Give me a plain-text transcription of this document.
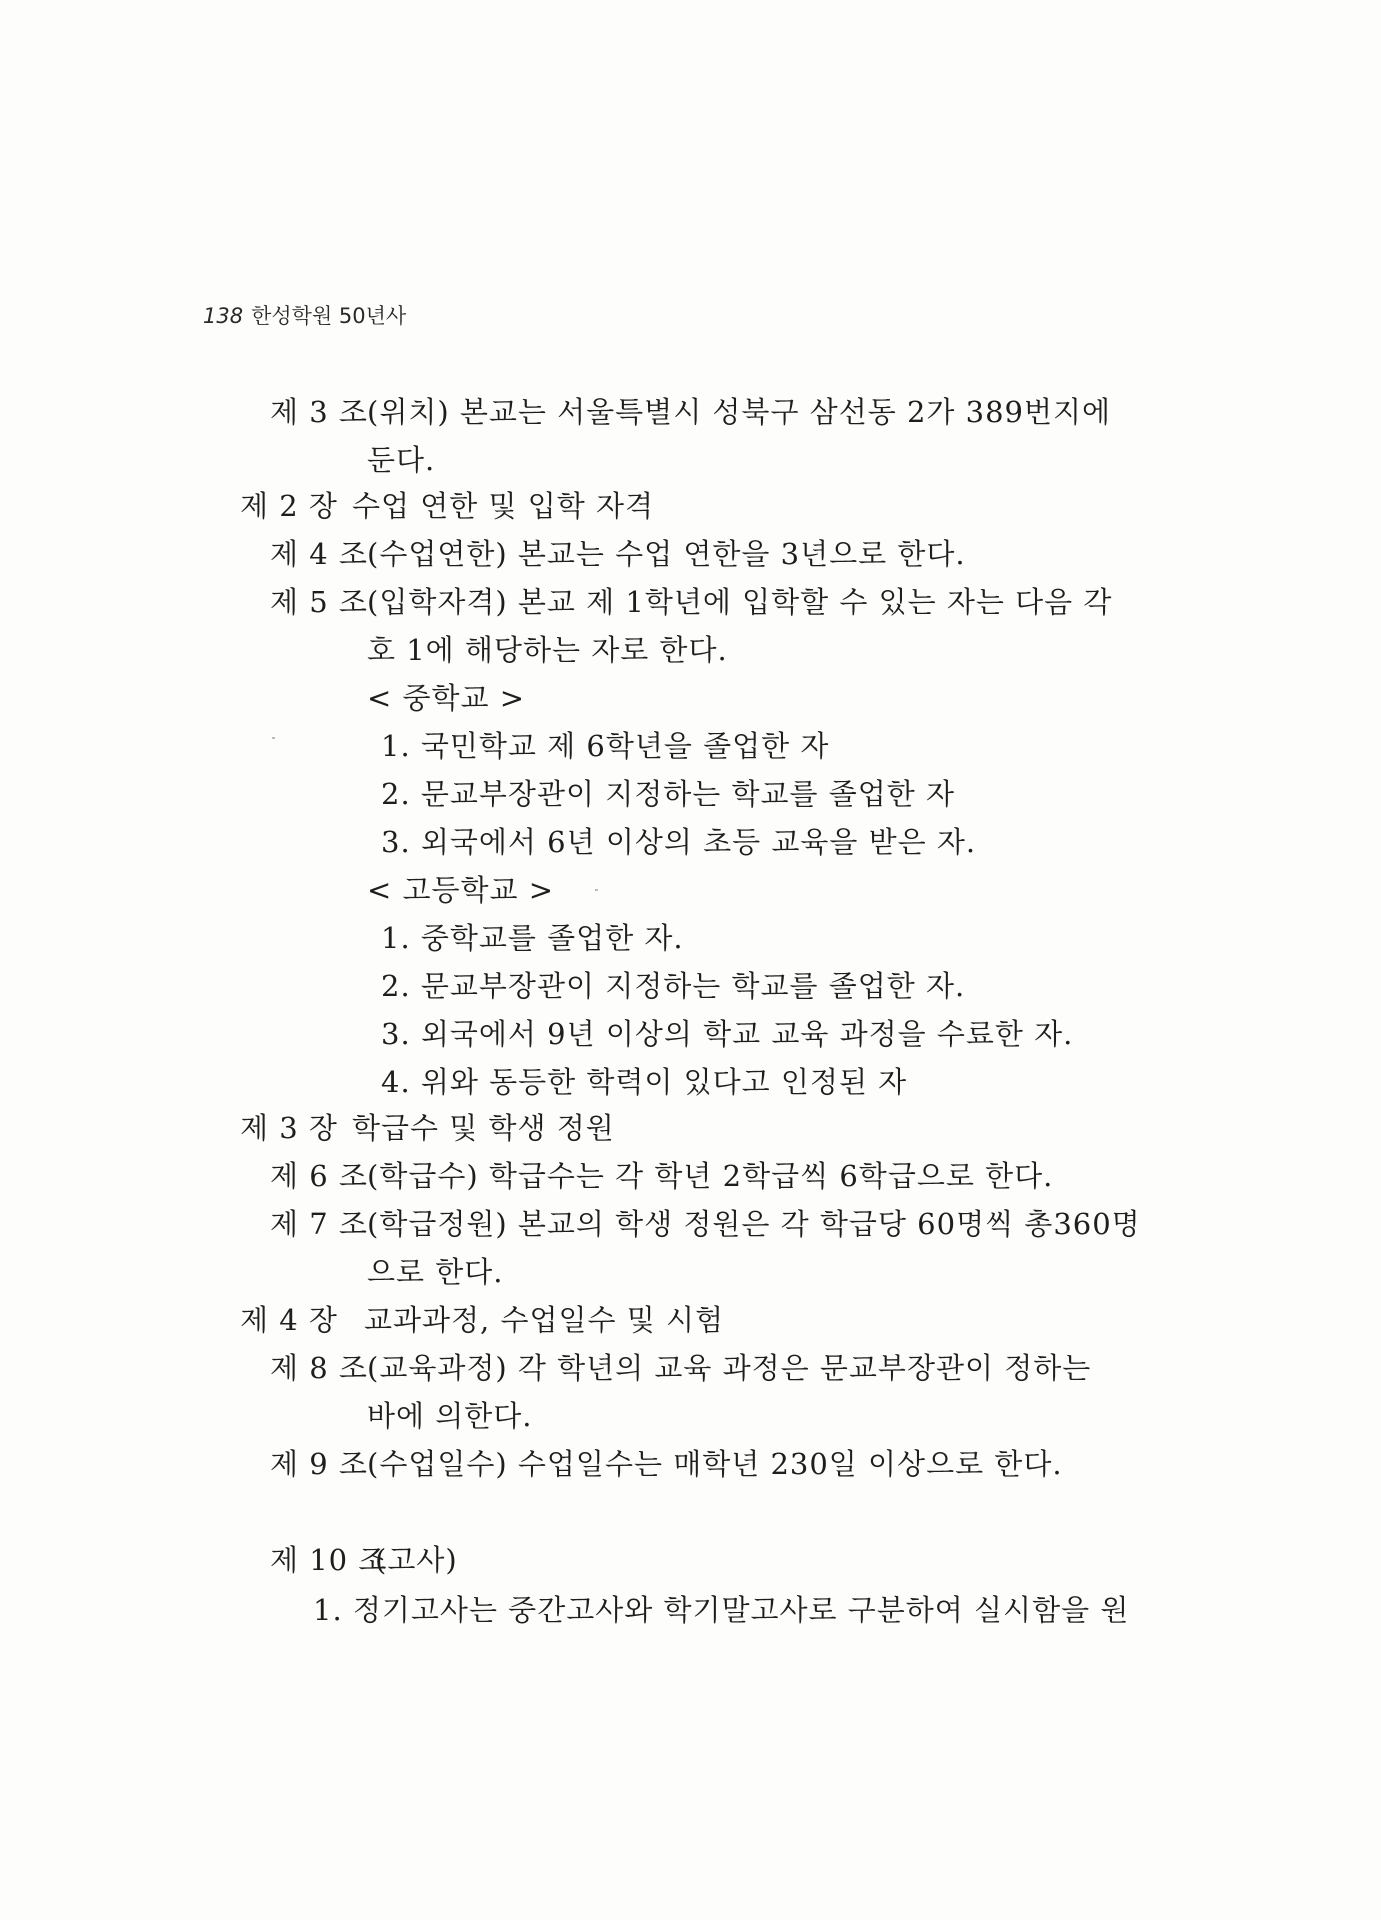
138 한성학원 50년사
제 3 조(위치) 본교는 서울특별시 성북구 삼선동 2가 389번지에
둔다.
제 2 장 수업 연한 및 입학 자격
제 4 조(수업연한) 본교는 수업 연한을 3년으로 한다.
제 5 조(입학자격) 본교 제 1학년에 입학할 수 있는 자는 다음 각
호 1에 해당하는 자로 한다.
< 중학교 >
1. 국민학교 제 6학년을 졸업한 자
2. 문교부장관이 지정하는 학교를 졸업한 자
3. 외국에서 6년 이상의 초등 교육을 받은 자.
< 고등학교 >
1. 중학교를 졸업한 자.
2. 문교부장관이 지정하는 학교를 졸업한 자.
3. 외국에서 9년 이상의 학교 교육 과정을 수료한 자.
4. 위와 동등한 학력이 있다고 인정된 자
제 3 장 학급수 및 학생 정원
제 6 조(학급수) 학급수는 각 학년 2학급씩 6학급으로 한다.
제 7 조(학급정원) 본교의 학생 정원은 각 학급당 60명씩 총360명
으로 한다.
제 4 장 교과과정, 수업일수 및 시험
제 8 조(교육과정) 각 학년의 교육 과정은 문교부장관이 정하는
바에 의한다.
제 9 조(수업일수) 수업일수는 매학년 230일 이상으로 한다.
제 10 조(고사)
1. 정기고사는 중간고사와 학기말고사로 구분하여 실시함을 원
